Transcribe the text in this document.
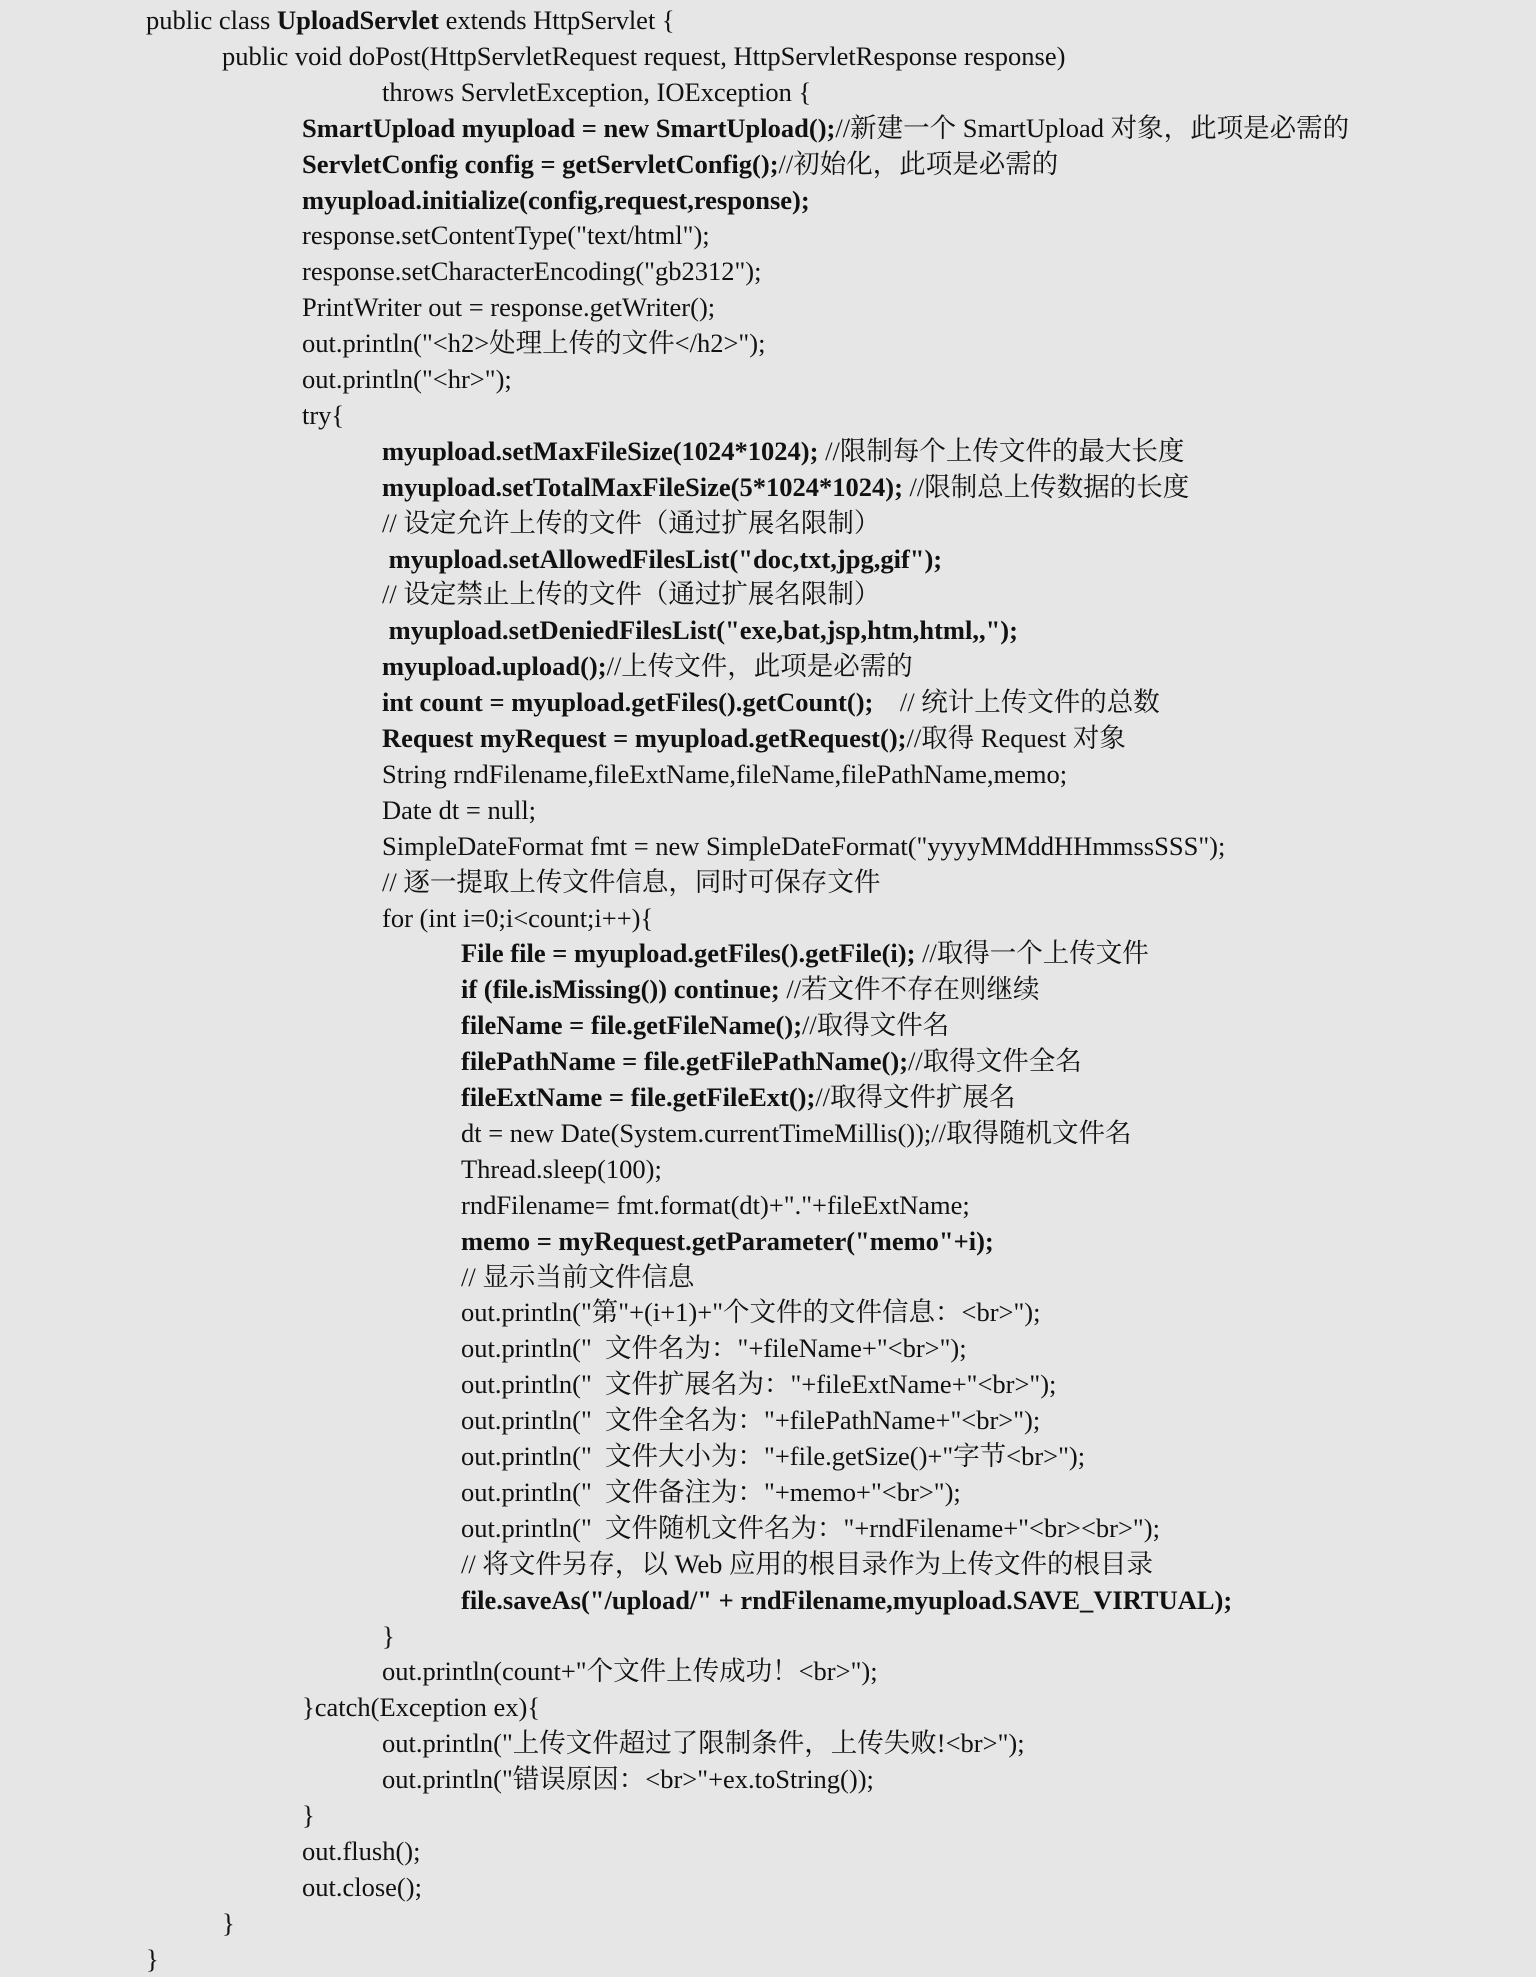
public class UploadServlet extends HttpServlet {
public void doPost(HttpServletRequest request, HttpServletResponse response)
throws ServletException, IOException {
SmartUpload myupload = new SmartUpload();//新建一个 SmartUpload 对象，此项是必需的
ServletConfig config = getServletConfig();//初始化，此项是必需的
myupload.initialize(config,request,response);
response.setContentType("text/html");
response.setCharacterEncoding("gb2312");
PrintWriter out = response.getWriter();
out.println("<h2>处理上传的文件</h2>");
out.println("<hr>");
try{
myupload.setMaxFileSize(1024*1024); //限制每个上传文件的最大长度
myupload.setTotalMaxFileSize(5*1024*1024); //限制总上传数据的长度
// 设定允许上传的文件（通过扩展名限制）
myupload.setAllowedFilesList("doc,txt,jpg,gif");
// 设定禁止上传的文件（通过扩展名限制）
myupload.setDeniedFilesList("exe,bat,jsp,htm,html,,");
myupload.upload();//上传文件，此项是必需的
int count = myupload.getFiles().getCount();    // 统计上传文件的总数
Request myRequest = myupload.getRequest();//取得 Request 对象
String rndFilename,fileExtName,fileName,filePathName,memo;
Date dt = null;
SimpleDateFormat fmt = new SimpleDateFormat("yyyyMMddHHmmssSSS");
// 逐一提取上传文件信息，同时可保存文件
for (int i=0;i<count;i++){
File file = myupload.getFiles().getFile(i); //取得一个上传文件
if (file.isMissing()) continue; //若文件不存在则继续
fileName = file.getFileName();//取得文件名
filePathName = file.getFilePathName();//取得文件全名
fileExtName = file.getFileExt();//取得文件扩展名
dt = new Date(System.currentTimeMillis());//取得随机文件名
Thread.sleep(100);
rndFilename= fmt.format(dt)+"."+fileExtName;
memo = myRequest.getParameter("memo"+i);
// 显示当前文件信息
out.println("第"+(i+1)+"个文件的文件信息：<br>");
out.println("  文件名为："+fileName+"<br>");
out.println("  文件扩展名为："+fileExtName+"<br>");
out.println("  文件全名为："+filePathName+"<br>");
out.println("  文件大小为："+file.getSize()+"字节<br>");
out.println("  文件备注为："+memo+"<br>");
out.println("  文件随机文件名为："+rndFilename+"<br><br>");
// 将文件另存，以 Web 应用的根目录作为上传文件的根目录
file.saveAs("/upload/" + rndFilename,myupload.SAVE_VIRTUAL);
}
out.println(count+"个文件上传成功！<br>");
}catch(Exception ex){
out.println("上传文件超过了限制条件，上传失败!<br>");
out.println("错误原因：<br>"+ex.toString());
}
out.flush();
out.close();
}
}
